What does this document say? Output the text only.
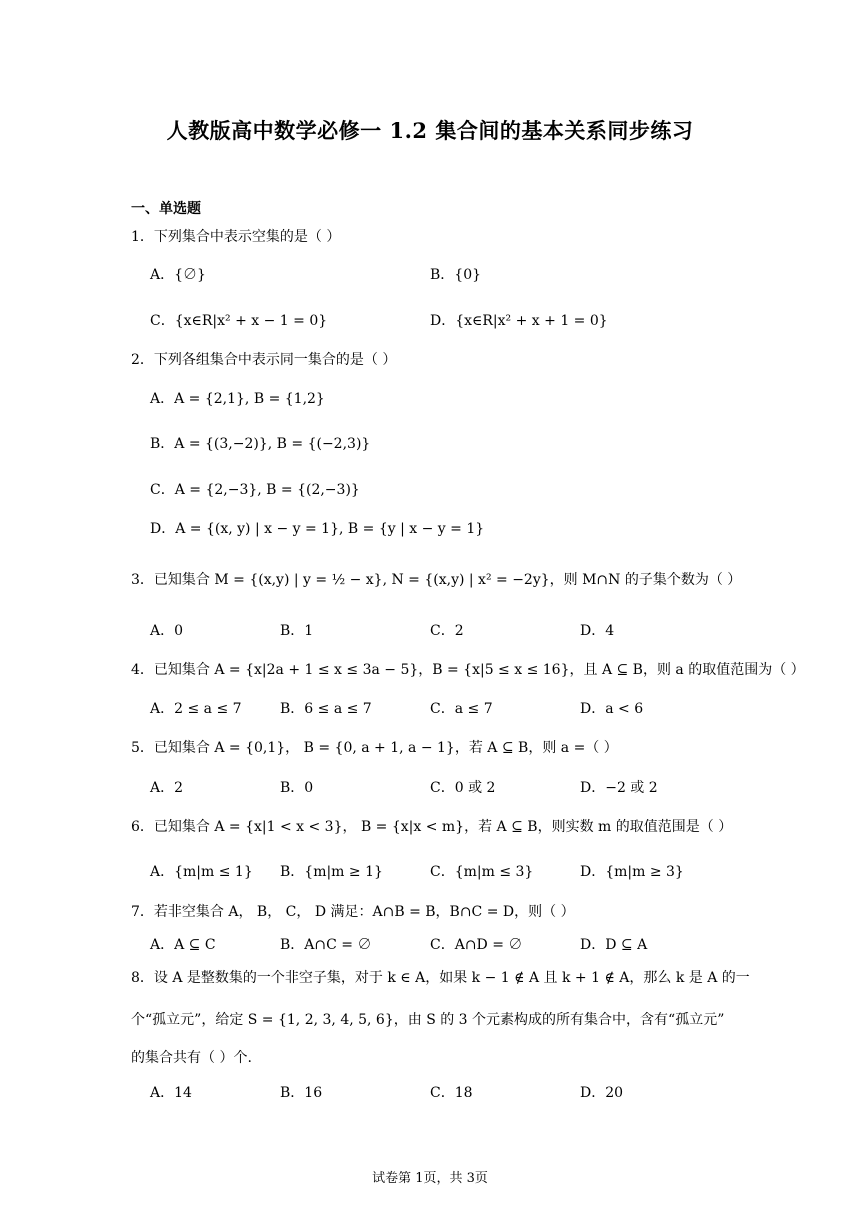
人教版高中数学必修一 1.2 集合间的基本关系同步练习
一、单选题
1．下列集合中表示空集的是（ ）
A．{∅}	B．{0}
C．{x∈R|x² + x − 1 = 0}	D．{x∈R|x² + x + 1 = 0}
2．下列各组集合中表示同一集合的是（ ）
A．A = {2,1}, B = {1,2}
B．A = {(3,−2)}, B = {(−2,3)}
C．A = {2,−3}, B = {(2,−3)}
D．A = {(x, y) | x − y = 1}, B = {y | x − y = 1}
3．已知集合 M = {(x,y) | y = ½ − x}, N = {(x,y) | x² = −2y}，则 M∩N 的子集个数为（ ）
A．0	B．1	C．2	D．4
4．已知集合 A = {x|2a + 1 ≤ x ≤ 3a − 5}，B = {x|5 ≤ x ≤ 16}，且 A ⊆ B，则 a 的取值范围为（ ）
A．2 ≤ a ≤ 7	B．6 ≤ a ≤ 7	C．a ≤ 7	D．a < 6
5．已知集合 A = {0,1}， B = {0, a + 1, a − 1}，若 A ⊆ B，则 a =（ ）
A．2	B．0	C．0 或 2	D．−2 或 2
6．已知集合 A = {x|1 < x < 3}， B = {x|x < m}，若 A ⊆ B，则实数 m 的取值范围是（ ）
A．{m|m ≤ 1} B．{m|m ≥ 1}	C．{m|m ≤ 3}	D．{m|m ≥ 3}
7．若非空集合 A， B， C， D 满足：A∩B = B，B∩C = D，则（ ）
A．A ⊆ C	B．A∩C = ∅	C．A∩D = ∅	D．D ⊆ A
8．设 A 是整数集的一个非空子集，对于 k ∈ A，如果 k − 1 ∉ A 且 k + 1 ∉ A，那么 k 是 A 的一
个“孤立元”，给定 S = {1, 2, 3, 4, 5, 6}，由 S 的 3 个元素构成的所有集合中，含有“孤立元”
的集合共有（ ）个.
A．14	B．16	C．18	D．20
试卷第 1页，共 3页
